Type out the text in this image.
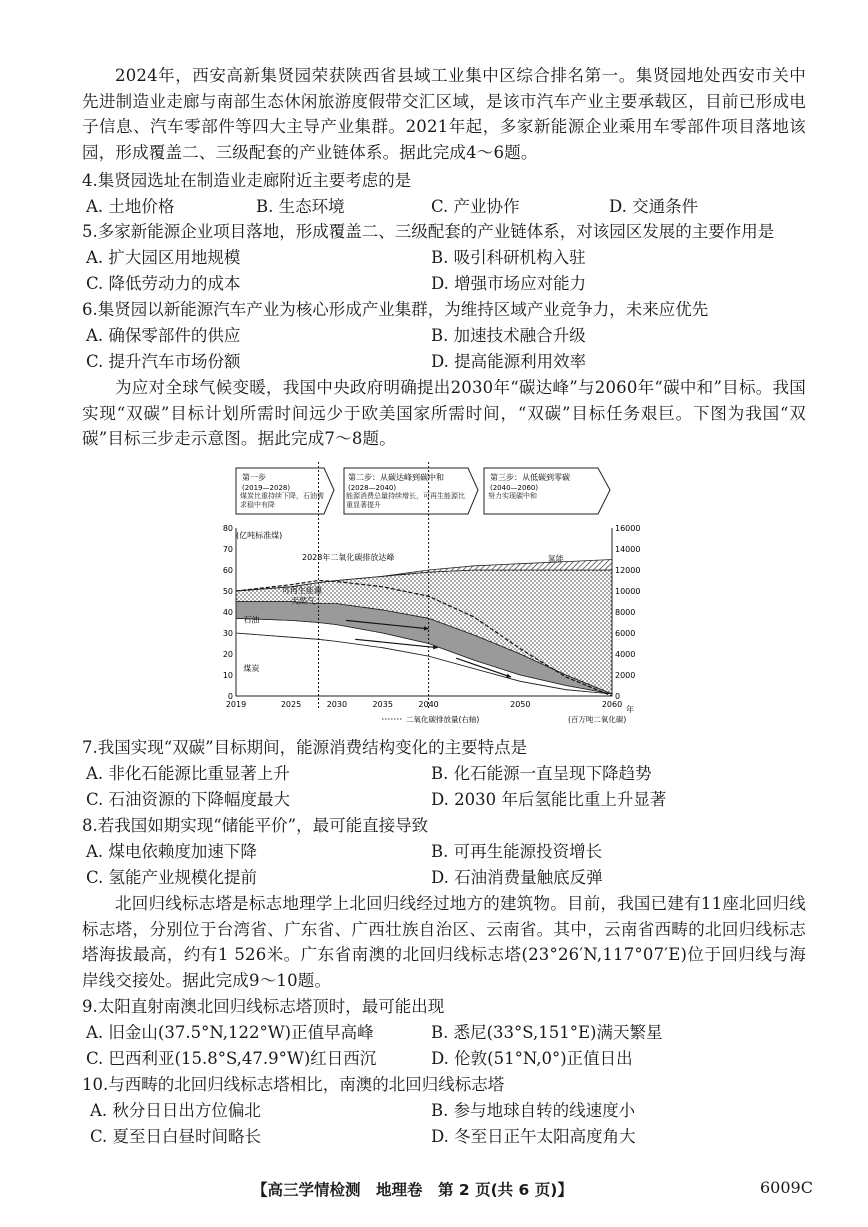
2024年，西安高新集贤园荣获陕西省县域工业集中区综合排名第一。集贤园地处西安市关中先进制造业走廊与南部生态休闲旅游度假带交汇区域，是该市汽车产业主要承载区，目前已形成电子信息、汽车零部件等四大主导产业集群。2021年起，多家新能源企业乘用车零部件项目落地该园，形成覆盖二、三级配套的产业链体系。据此完成4～6题。
4.集贤园选址在制造业走廊附近主要考虑的是
A. 土地价格	B. 生态环境	C. 产业协作	D. 交通条件
5.多家新能源企业项目落地，形成覆盖二、三级配套的产业链体系，对该园区发展的主要作用是
A. 扩大园区用地规模	B. 吸引科研机构入驻
C. 降低劳动力的成本	D. 增强市场应对能力
6.集贤园以新能源汽车产业为核心形成产业集群，为维持区域产业竞争力，未来应优先
A. 确保零部件的供应	B. 加速技术融合升级
C. 提升汽车市场份额	D. 提高能源利用效率
为应对全球气候变暖，我国中央政府明确提出2030年“碳达峰”与2060年“碳中和”目标。我国实现“双碳”目标计划所需时间远少于欧美国家所需时间，“双碳”目标任务艰巨。下图为我国“双碳”目标三步走示意图。据此完成7～8题。
第一步
(2019—2028)
煤炭比重持续下降，石油需求稳中有降
第二步：从碳达峰到碳中和
(2028—2040)
能源消费总量持续增长，可再生能源比重显著提升
第三步：从低碳到零碳
(2040—2060)
努力实现碳中和
0
10
20
30
40
50
60
70
80
0
2000
4000
6000
8000
10000
12000
14000
16000
2019	2025	2030	2035	2040	2050	2060
氢能
可再生能源
天然气
石油
煤炭
(亿吨标准煤)
2028年二氧化碳排放达峰
(百万吨二氧化碳)
年
二氧化碳排放量(右轴)
7.我国实现“双碳”目标期间，能源消费结构变化的主要特点是
A. 非化石能源比重显著上升	B. 化石能源一直呈现下降趋势
C. 石油资源的下降幅度最大	D. 2030 年后氢能比重上升显著
8.若我国如期实现“储能平价”，最可能直接导致
A. 煤电依赖度加速下降	B. 可再生能源投资增长
C. 氢能产业规模化提前	D. 石油消费量触底反弹
北回归线标志塔是标志地理学上北回归线经过地方的建筑物。目前，我国已建有11座北回归线标志塔，分别位于台湾省、广东省、广西壮族自治区、云南省。其中，云南省西畴的北回归线标志塔海拔最高，约有1 526米。广东省南澳的北回归线标志塔(23°26′N,117°07′E)位于回归线与海岸线交接处。据此完成9～10题。
9.太阳直射南澳北回归线标志塔顶时，最可能出现
A. 旧金山(37.5°N,122°W)正值早高峰	B. 悉尼(33°S,151°E)满天繁星
C. 巴西利亚(15.8°S,47.9°W)红日西沉	D. 伦敦(51°N,0°)正值日出
10.与西畴的北回归线标志塔相比，南澳的北回归线标志塔
A. 秋分日日出方位偏北	B. 参与地球自转的线速度小
C. 夏至日白昼时间略长	D. 冬至日正午太阳高度角大
【高三学情检测　地理卷　第 2 页(共 6 页)】	6009C
